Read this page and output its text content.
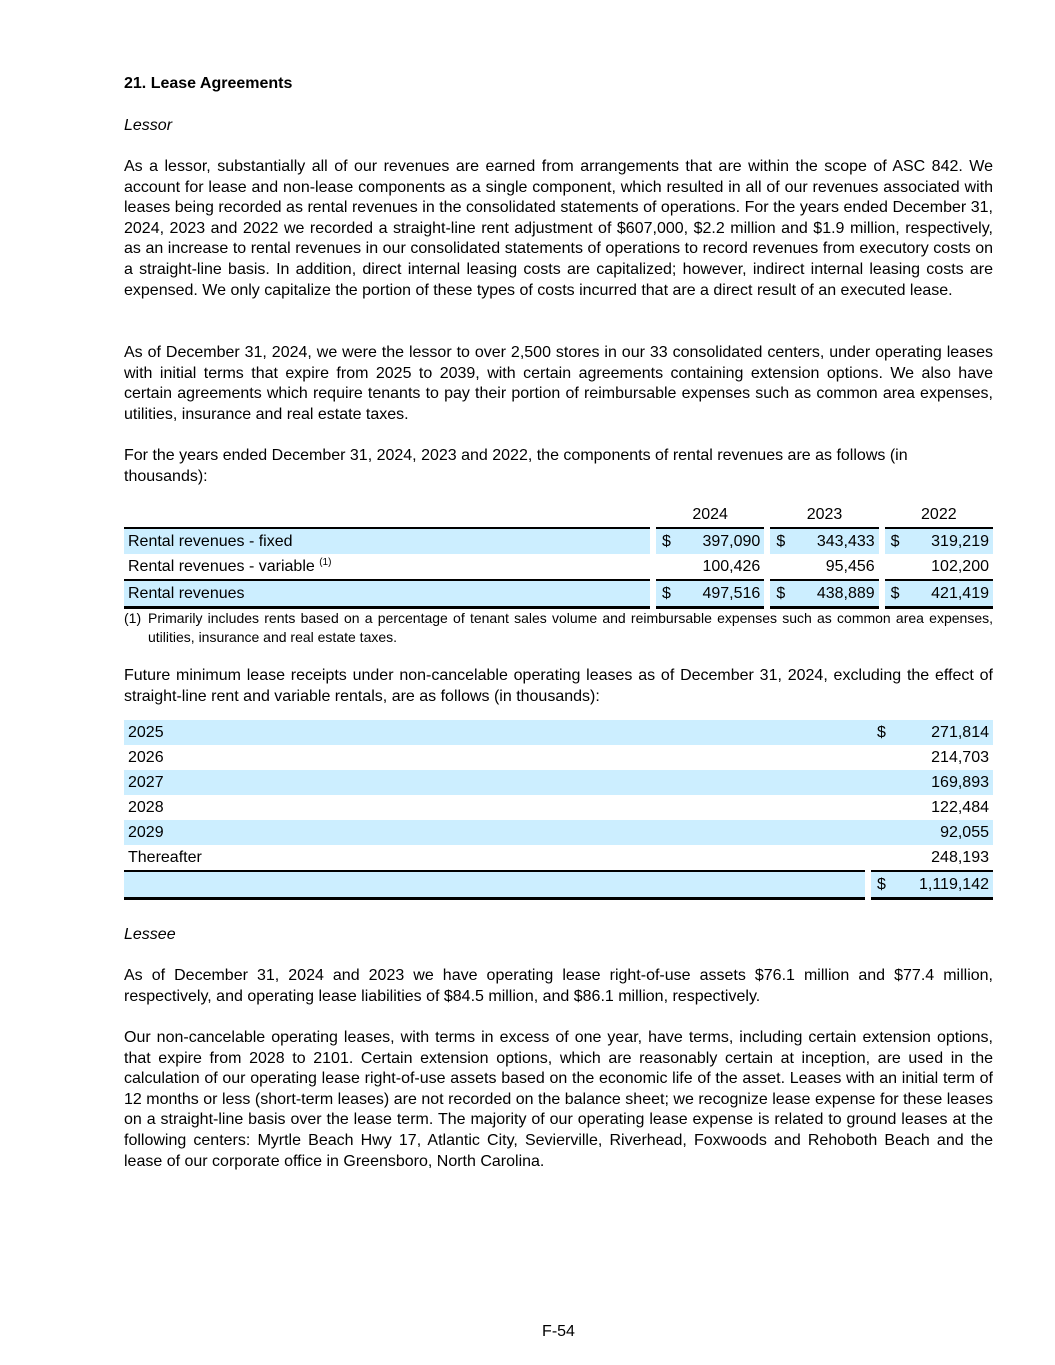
21. Lease Agreements
Lessor
As a lessor, substantially all of our revenues are earned from arrangements that are within the scope of ASC 842. We account for lease and non-lease components as a single component, which resulted in all of our revenues associated with leases being recorded as rental revenues in the consolidated statements of operations. For the years ended December 31, 2024, 2023 and 2022 we recorded a straight-line rent adjustment of $607,000, $2.2 million and $1.9 million, respectively, as an increase to rental revenues in our consolidated statements of operations to record revenues from executory costs on a straight-line basis. In addition, direct internal leasing costs are capitalized; however, indirect internal leasing costs are expensed. We only capitalize the portion of these types of costs incurred that are a direct result of an executed lease.
As of December 31, 2024, we were the lessor to over 2,500 stores in our 33 consolidated centers, under operating leases with initial terms that expire from 2025 to 2039, with certain agreements containing extension options. We also have certain agreements which require tenants to pay their portion of reimbursable expenses such as common area expenses, utilities, insurance and real estate taxes.
For the years ended December 31, 2024, 2023 and 2022, the components of rental revenues are as follows (in thousands):
		2024			2023			2022	
Rental revenues - fixed		$	397,090		$	343,433		$	319,219
Rental revenues - variable $^{(1)}$			100,426			95,456			102,200
Rental revenues		$	497,516		$	438,889		$	421,419
(1) Primarily includes rents based on a percentage of tenant sales volume and reimbursable expenses such as common area expenses, utilities, insurance and real estate taxes.
Future minimum lease receipts under non-cancelable operating leases as of December 31, 2024, excluding the effect of straight-line rent and variable rentals, are as follows (in thousands):
2025		$	271,814
2026			214,703
2027			169,893
2028			122,484
2029			92,055
Thereafter			248,193
		$	1,119,142
Lessee
As of December 31, 2024 and 2023 we have operating lease right-of-use assets $76.1 million and $77.4 million, respectively, and operating lease liabilities of $84.5 million, and $86.1 million, respectively.
Our non-cancelable operating leases, with terms in excess of one year, have terms, including certain extension options, that expire from 2028 to 2101. Certain extension options, which are reasonably certain at inception, are used in the calculation of our operating lease right-of-use assets based on the economic life of the asset. Leases with an initial term of 12 months or less (short-term leases) are not recorded on the balance sheet; we recognize lease expense for these leases on a straight-line basis over the lease term. The majority of our operating lease expense is related to ground leases at the following centers: Myrtle Beach Hwy 17, Atlantic City, Sevierville, Riverhead, Foxwoods and Rehoboth Beach and the lease of our corporate office in Greensboro, North Carolina.
F-54
